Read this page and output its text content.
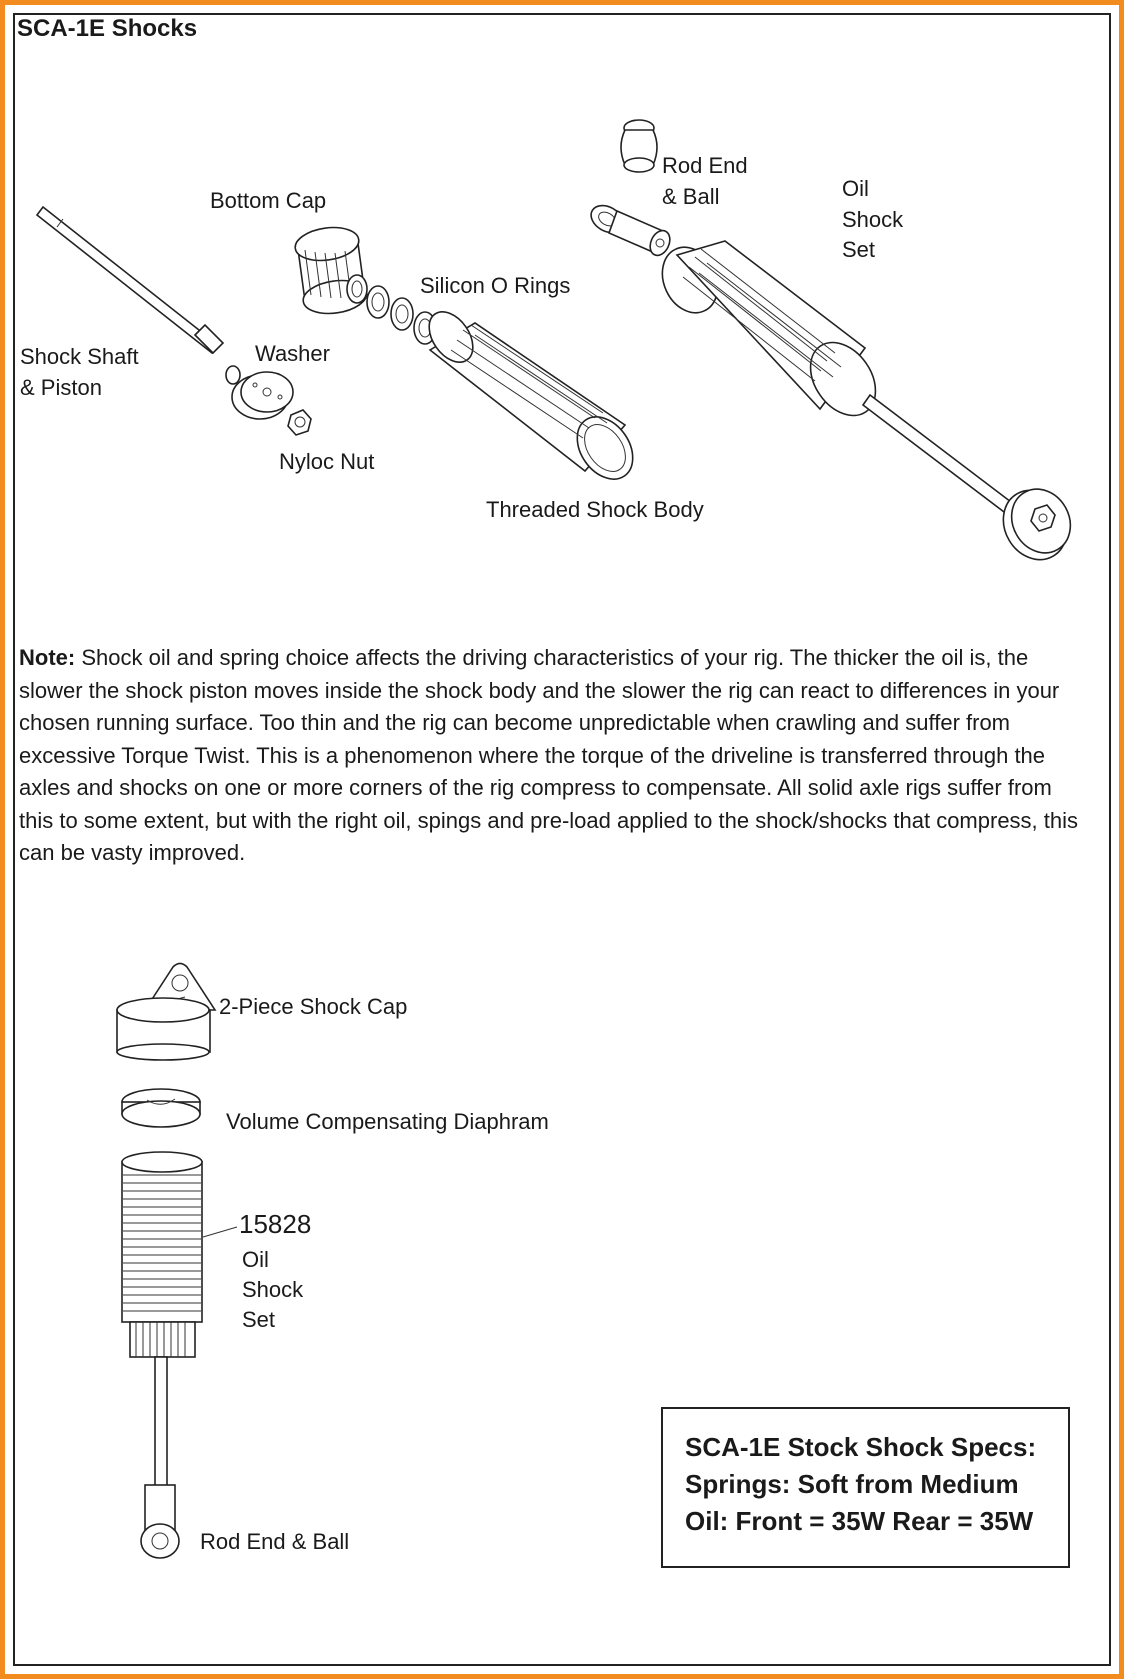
SCA-1E Shocks
Bottom Cap
Rod End
& Ball	Oil
Shock
Set
Silicon O Rings
Shock Shaft
& Piston
Washer
Nyloc Nut
Threaded Shock Body
Note: Shock oil and spring choice affects the driving characteristics of your rig. The thicker the oil is, the slower the shock piston moves inside the shock body and the slower the rig can react to differences in your chosen running surface. Too thin and the rig can become unpredictable when crawling and suffer from excessive Torque Twist. This is a phenomenon where the torque of the driveline is transferred through the axles and shocks on one or more corners of the rig compress to compensate. All solid axle rigs suffer from this to some extent, but with the right oil, spings and pre-load applied to the shock/shocks that compress, this can be vasty improved.
2-Piece Shock Cap
Volume Compensating Diaphram
15828
Oil
Shock
Set
Rod End & Ball
SCA-1E Stock Shock Specs:
Springs: Soft from Medium
Oil: Front = 35W Rear = 35W
